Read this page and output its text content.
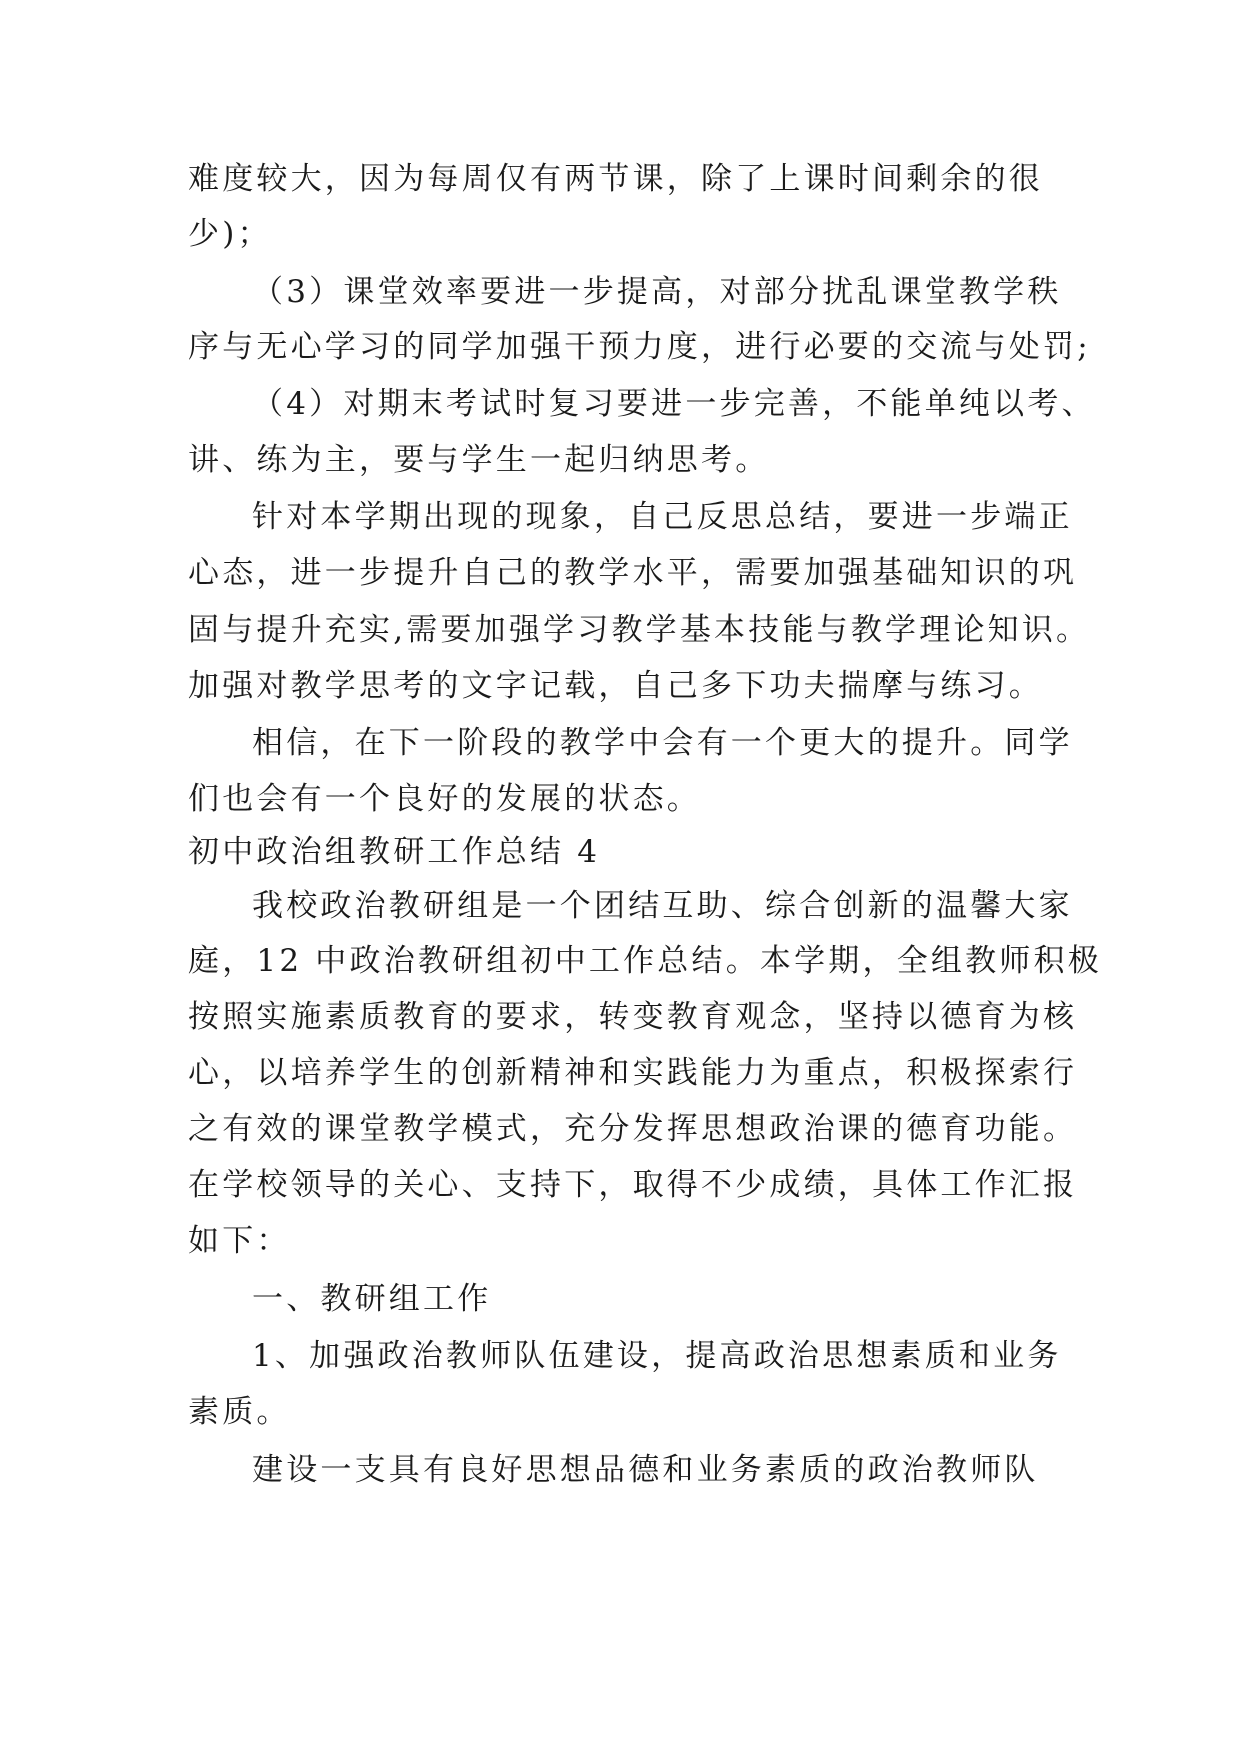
难度较大，因为每周仅有两节课，除了上课时间剩余的很
少)；
（3）课堂效率要进一步提高，对部分扰乱课堂教学秩
序与无心学习的同学加强干预力度，进行必要的交流与处罚;
（4）对期末考试时复习要进一步完善，不能单纯以考、
讲、练为主，要与学生一起归纳思考。
针对本学期出现的现象，自己反思总结，要进一步端正
心态，进一步提升自己的教学水平，需要加强基础知识的巩
固与提升充实,需要加强学习教学基本技能与教学理论知识。
加强对教学思考的文字记载，自己多下功夫揣摩与练习。
相信，在下一阶段的教学中会有一个更大的提升。同学
们也会有一个良好的发展的状态。
初中政治组教研工作总结 4
我校政治教研组是一个团结互助、综合创新的温馨大家
庭，12 中政治教研组初中工作总结。本学期，全组教师积极
按照实施素质教育的要求，转变教育观念，坚持以德育为核
心，以培养学生的创新精神和实践能力为重点，积极探索行
之有效的课堂教学模式，充分发挥思想政治课的德育功能。
在学校领导的关心、支持下，取得不少成绩，具体工作汇报
如下：
一、教研组工作
1、加强政治教师队伍建设，提高政治思想素质和业务
素质。
建设一支具有良好思想品德和业务素质的政治教师队
